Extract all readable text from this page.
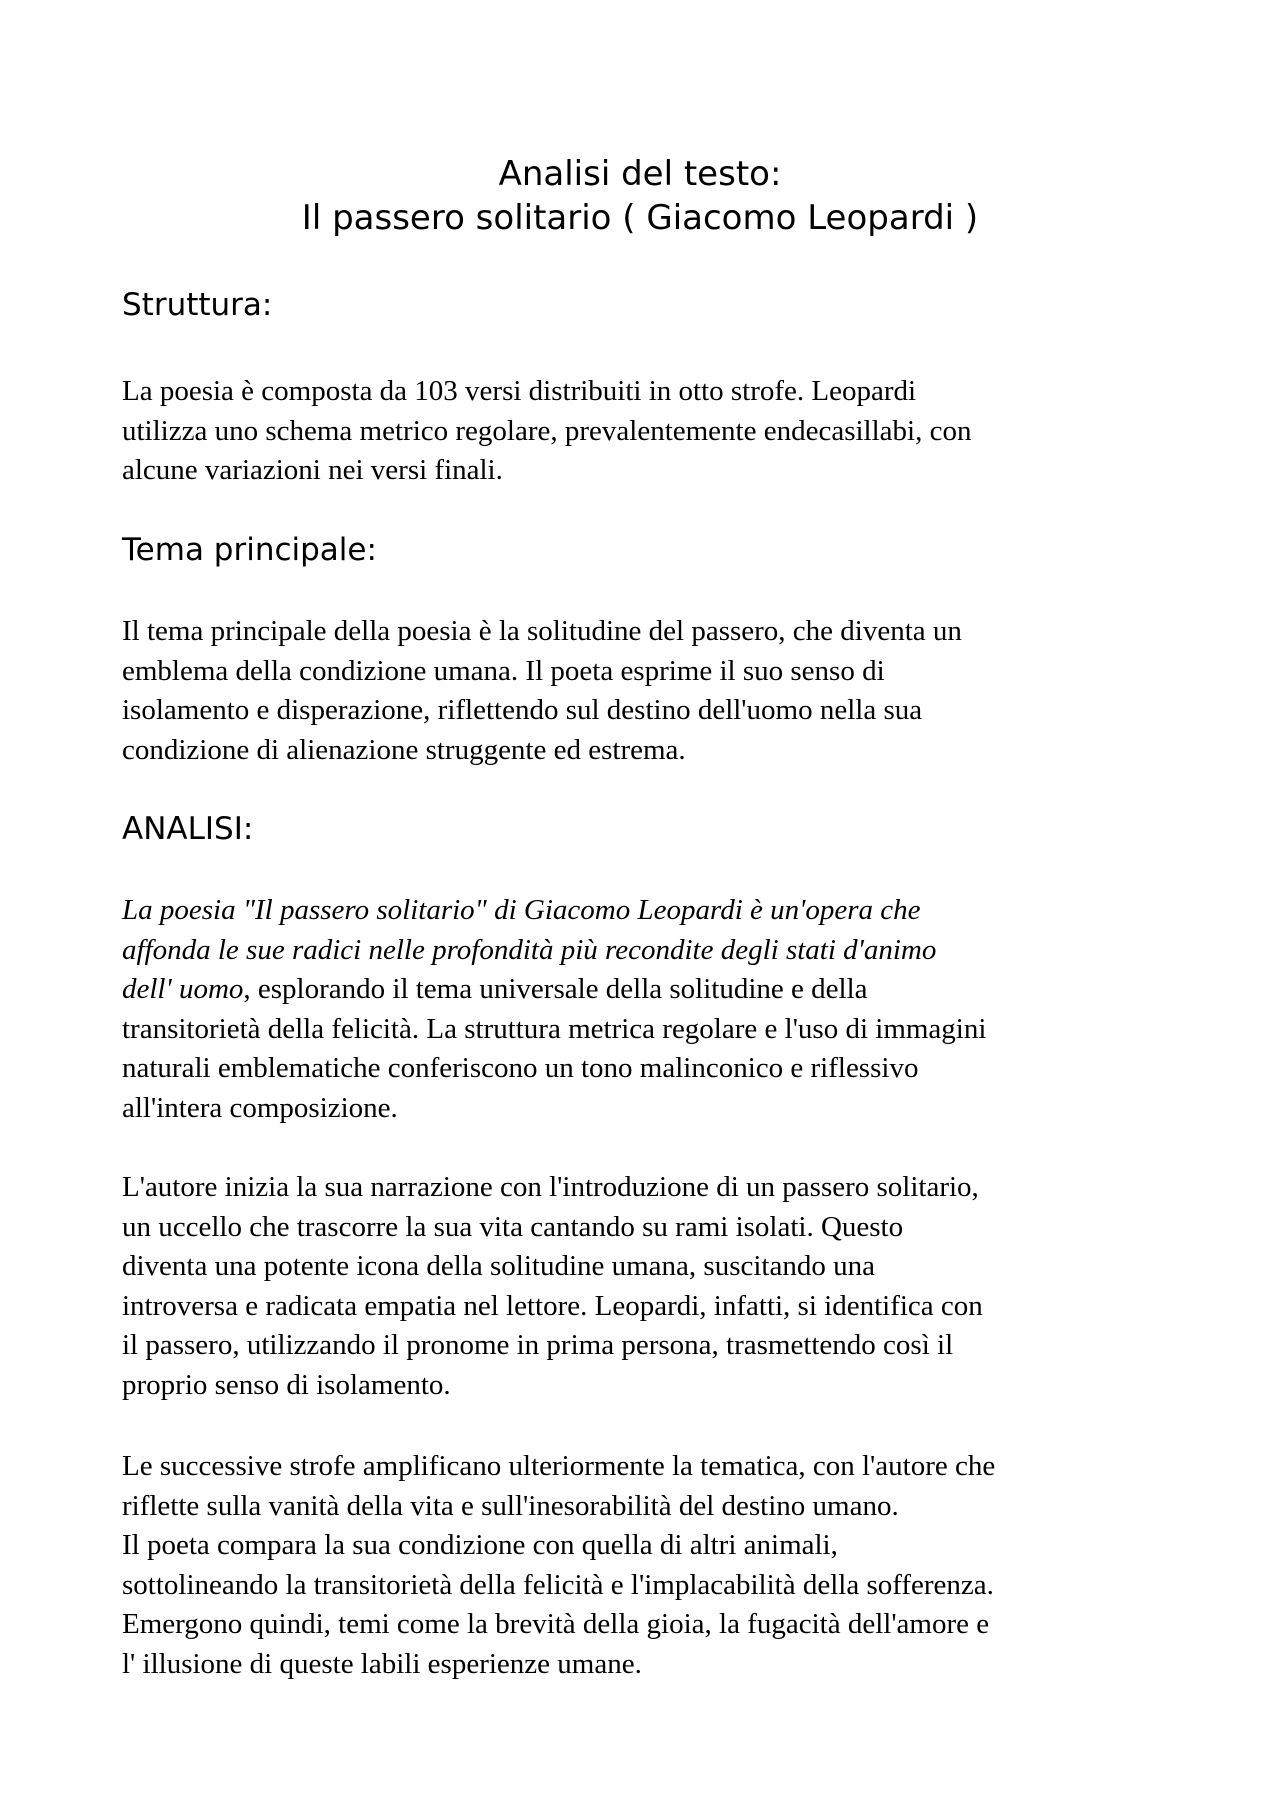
Analisi del testo:
Il passero solitario ( Giacomo Leopardi )
Struttura:
La poesia è composta da 103 versi distribuiti in otto strofe. Leopardi
utilizza uno schema metrico regolare, prevalentemente endecasillabi, con
alcune variazioni nei versi finali.
Tema principale:
Il tema principale della poesia è la solitudine del passero, che diventa un
emblema della condizione umana. Il poeta esprime il suo senso di
isolamento e disperazione, riflettendo sul destino dell'uomo nella sua
condizione di alienazione struggente ed estrema.
ANALISI:
La poesia "Il passero solitario" di Giacomo Leopardi è un'opera che
affonda le sue radici nelle profondità più recondite degli stati d'animo
dell' uomo, esplorando il tema universale della solitudine e della
transitorietà della felicità. La struttura metrica regolare e l'uso di immagini
naturali emblematiche conferiscono un tono malinconico e riflessivo
all'intera composizione.
L'autore inizia la sua narrazione con l'introduzione di un passero solitario,
un uccello che trascorre la sua vita cantando su rami isolati. Questo
diventa una potente icona della solitudine umana, suscitando una
introversa e radicata empatia nel lettore. Leopardi, infatti, si identifica con
il passero, utilizzando il pronome in prima persona, trasmettendo così il
proprio senso di isolamento.
Le successive strofe amplificano ulteriormente la tematica, con l'autore che
riflette sulla vanità della vita e sull'inesorabilità del destino umano.
Il poeta compara la sua condizione con quella di altri animali,
sottolineando la transitorietà della felicità e l'implacabilità della sofferenza.
Emergono quindi, temi come la brevità della gioia, la fugacità dell'amore e
l' illusione di queste labili esperienze umane.
